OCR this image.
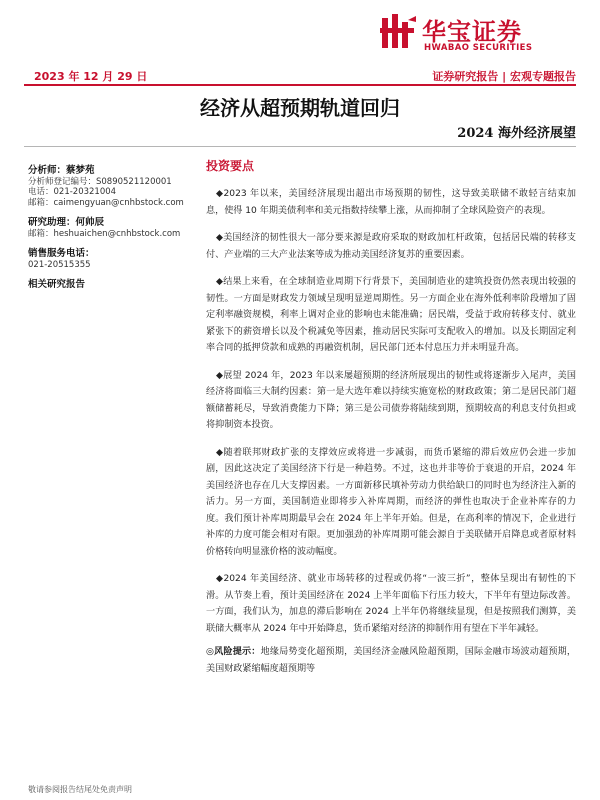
华宝证券
HWABAO SECURITIES
2023 年 12 月 29 日	证券研究报告 | 宏观专题报告
经济从超预期轨道回归
2024 海外经济展望
分析师：蔡梦苑
分析师登记编号：S0890521120001
电话：021-20321004
邮箱：caimengyuan@cnhbstock.com
研究助理：何帅辰
邮箱：heshuaichen@cnhbstock.com
销售服务电话：
021-20515355
相关研究报告
投资要点

◆2023 年以来，美国经济展现出超出市场预期的韧性，这导致美联储不敢轻言结束加息，使得 10 年期美债利率和美元指数持续攀上涨，从而抑制了全球风险资产的表现。

◆美国经济的韧性很大一部分要来源是政府采取的财政加杠杆政策，包括居民端的转移支付、产业端的三大产业法案等成为推动美国经济复苏的重要因素。

◆结果上来看，在全球制造业周期下行背景下，美国制造业的建筑投资仍然表现出较强的韧性。一方面是财政发力领域呈现明显逆周期性。另一方面企业在海外低利率阶段增加了固定利率融资规模，利率上调对企业的影响也未能准确；居民端，受益于政府转移支付、就业紧张下的薪资增长以及个税减免等因素，推动居民实际可支配收入的增加。以及长期固定利率合同的抵押贷款和成熟的再融资机制，居民部门还本付息压力并未明显升高。

◆展望 2024 年，2023 年以来屡超预期的经济所展现出的韧性或将逐渐步入尾声，美国经济将面临三大制约因素：第一是大选年难以持续实施宽松的财政政策；第二是居民部门超额储蓄耗尽，导致消费能力下降；第三是公司债券将陆续到期，预期较高的利息支付负担或将抑制资本投资。

◆随着联邦财政扩张的支撑效应或将进一步减弱，而货币紧缩的滞后效应仍会进一步加剧，因此这决定了美国经济下行是一种趋势。不过，这也并非等价于衰退的开启，2024 年美国经济也存在几大支撑因素。一方面新移民填补劳动力供给缺口的同时也为经济注入新的活力。另一方面，美国制造业即将步入补库周期，而经济的弹性也取决于企业补库存的力度。我们预计补库周期最早会在 2024 年上半年开始。但是，在高利率的情况下，企业进行补库的力度可能会相对有限。更加强劲的补库周期可能会源自于美联储开启降息或者原材料价格转向明显涨价格的波动幅度。

◆2024 年美国经济、就业市场转移的过程或仍将“一波三折”，整体呈现出有韧性的下滑。从节奏上看，预计美国经济在 2024 上半年面临下行压力较大，下半年有望边际改善。一方面，我们认为，加息的滞后影响在 2024 上半年仍将继续显现，但是按照我们测算，美联储大概率从 2024 年中开始降息，货币紧缩对经济的抑制作用有望在下半年减轻。

◎风险提示：地缘局势变化超预期，美国经济金融风险超预期，国际金融市场波动超预期，美国财政紧缩幅度超预期等
敬请参阅报告结尾处免责声明
